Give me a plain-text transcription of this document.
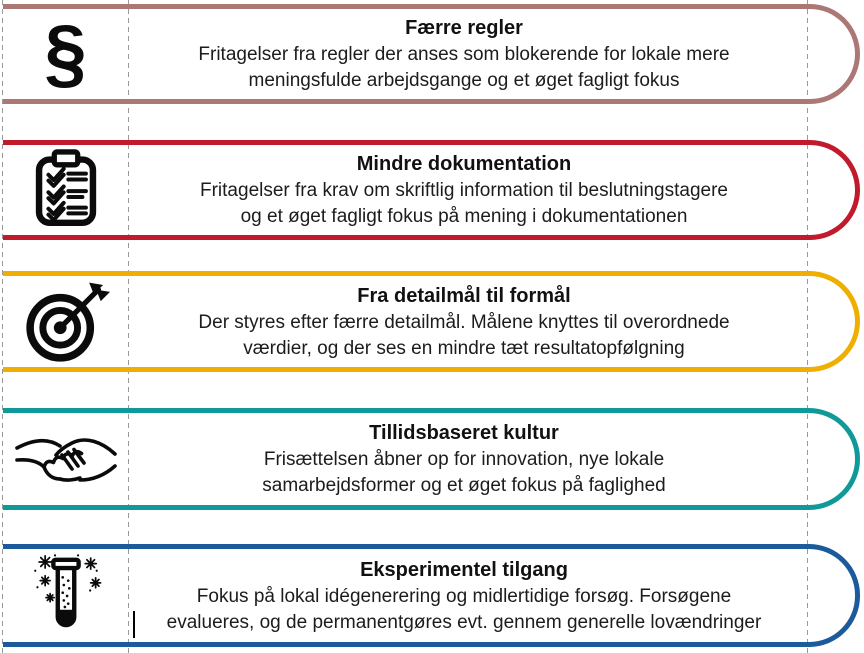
§	Færre regler
Fritagelser fra regler der anses som blokerende for lokale mere
meningsfulde arbejdsgange og et øget fagligt fokus
Mindre dokumentation
Fritagelser fra krav om skriftlig information til beslutningstagere
og et øget fagligt fokus på mening i dokumentationen
Fra detailmål til formål
Der styres efter færre detailmål. Målene knyttes til overordnede
værdier, og der ses en mindre tæt resultatopfølgning
Tillidsbaseret kultur
Frisættelsen åbner op for innovation, nye lokale
samarbejdsformer og et øget fokus på faglighed
Eksperimentel tilgang
Fokus på lokal idégenerering og midlertidige forsøg. Forsøgene
evalueres, og de permanentgøres evt. gennem generelle lovændringer
